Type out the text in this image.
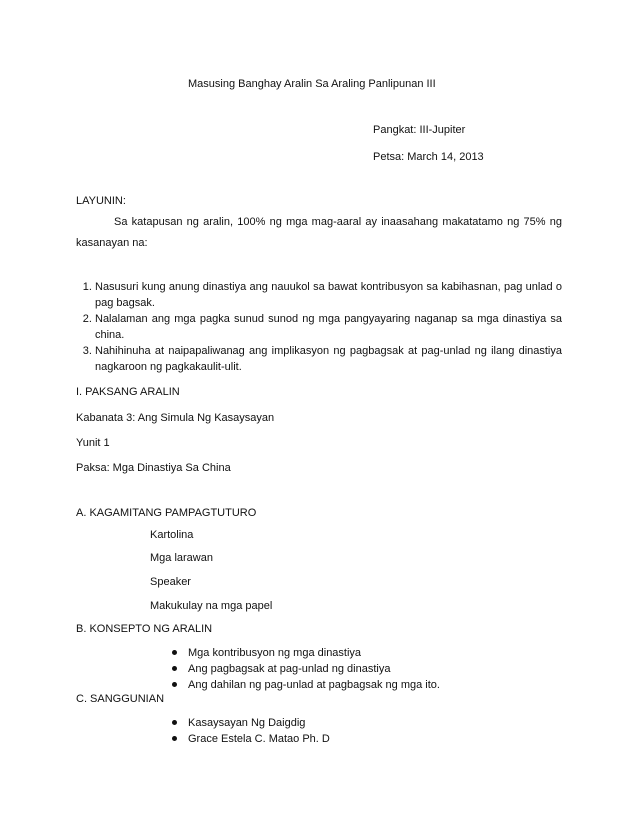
Masusing Banghay Aralin Sa Araling Panlipunan III
Pangkat: III-Jupiter
Petsa: March 14, 2013
LAYUNIN:
Sa katapusan ng aralin, 100% ng mga mag-aaral ay inaasahang makatatamo ng 75% ng kasanayan na:
1. Nasusuri kung anung dinastiya ang nauukol sa bawat kontribusyon sa kabihasnan, pag unlad o pag bagsak.
2. Nalalaman ang mga pagka sunud sunod ng mga pangyayaring naganap sa mga dinastiya sa china.
3. Nahihinuha at naipapaliwanag ang implikasyon ng pagbagsak at pag-unlad ng ilang dinastiya nagkaroon ng pagkakaulit-ulit.
I. PAKSANG ARALIN
Kabanata 3: Ang Simula Ng Kasaysayan
Yunit 1
Paksa: Mga Dinastiya Sa China
A. KAGAMITANG PAMPAGTUTURO
Kartolina
Mga larawan
Speaker
Makukulay na mga papel
B. KONSEPTO NG ARALIN
Mga kontribusyon ng mga dinastiya
Ang pagbagsak at pag-unlad ng dinastiya
Ang dahilan ng pag-unlad at pagbagsak ng mga ito.
C. SANGGUNIAN
Kasaysayan Ng Daigdig
Grace Estela C. Matao Ph. D
